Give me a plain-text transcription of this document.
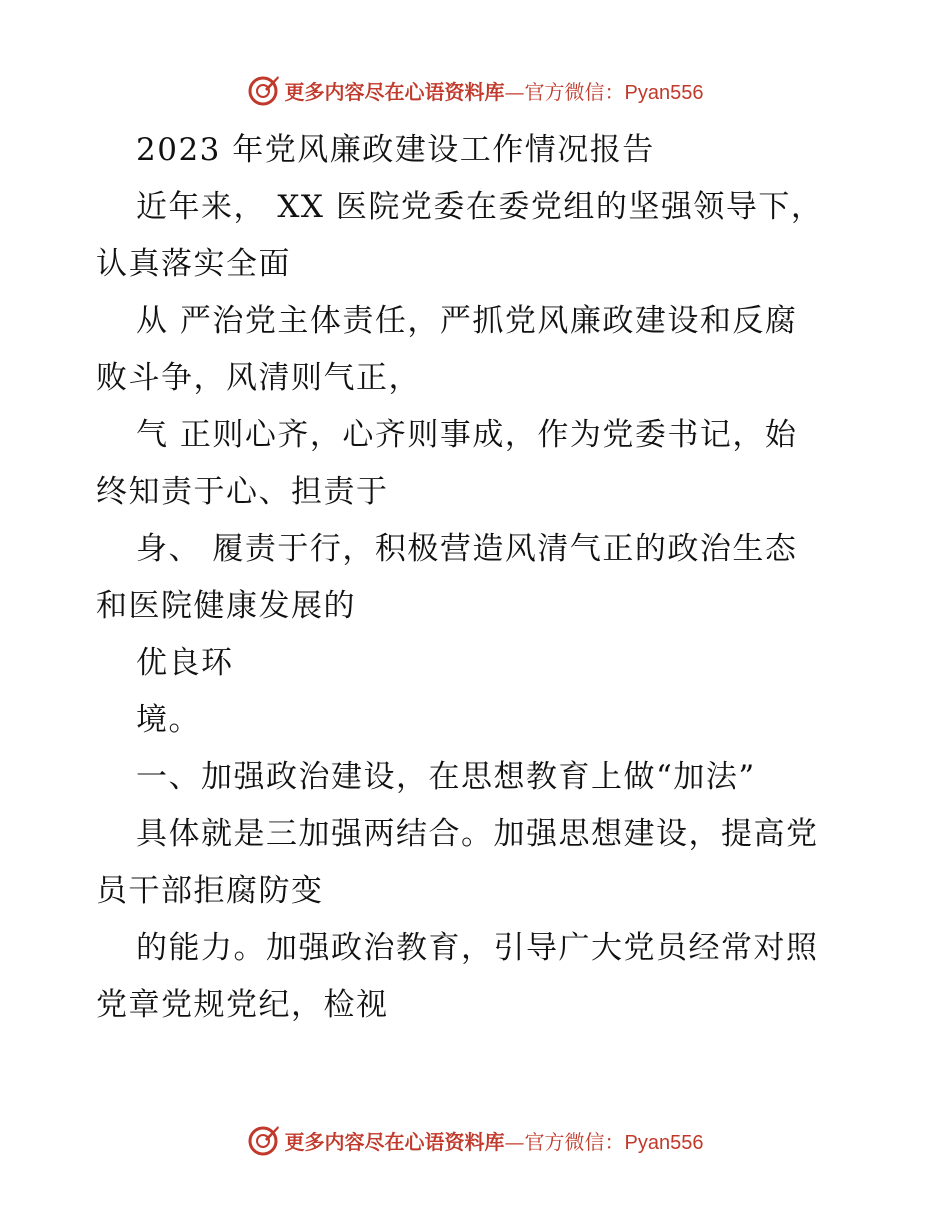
更多内容尽在心语资料库—官方微信：Pyan556
2023 年党风廉政建设工作情况报告
近年来， XX 医院党委在委党组的坚强领导下，
认真落实全面
从 严治党主体责任，严抓党风廉政建设和反腐
败斗争，风清则气正，
气 正则心齐，心齐则事成，作为党委书记，始
终知责于心、担责于
身、 履责于行，积极营造风清气正的政治生态
和医院健康发展的
优良环
境。
一、加强政治建设，在思想教育上做“加法”
具体就是三加强两结合。加强思想建设，提高党
员干部拒腐防变
的能力。加强政治教育，引导广大党员经常对照
党章党规党纪，检视
更多内容尽在心语资料库—官方微信：Pyan556
